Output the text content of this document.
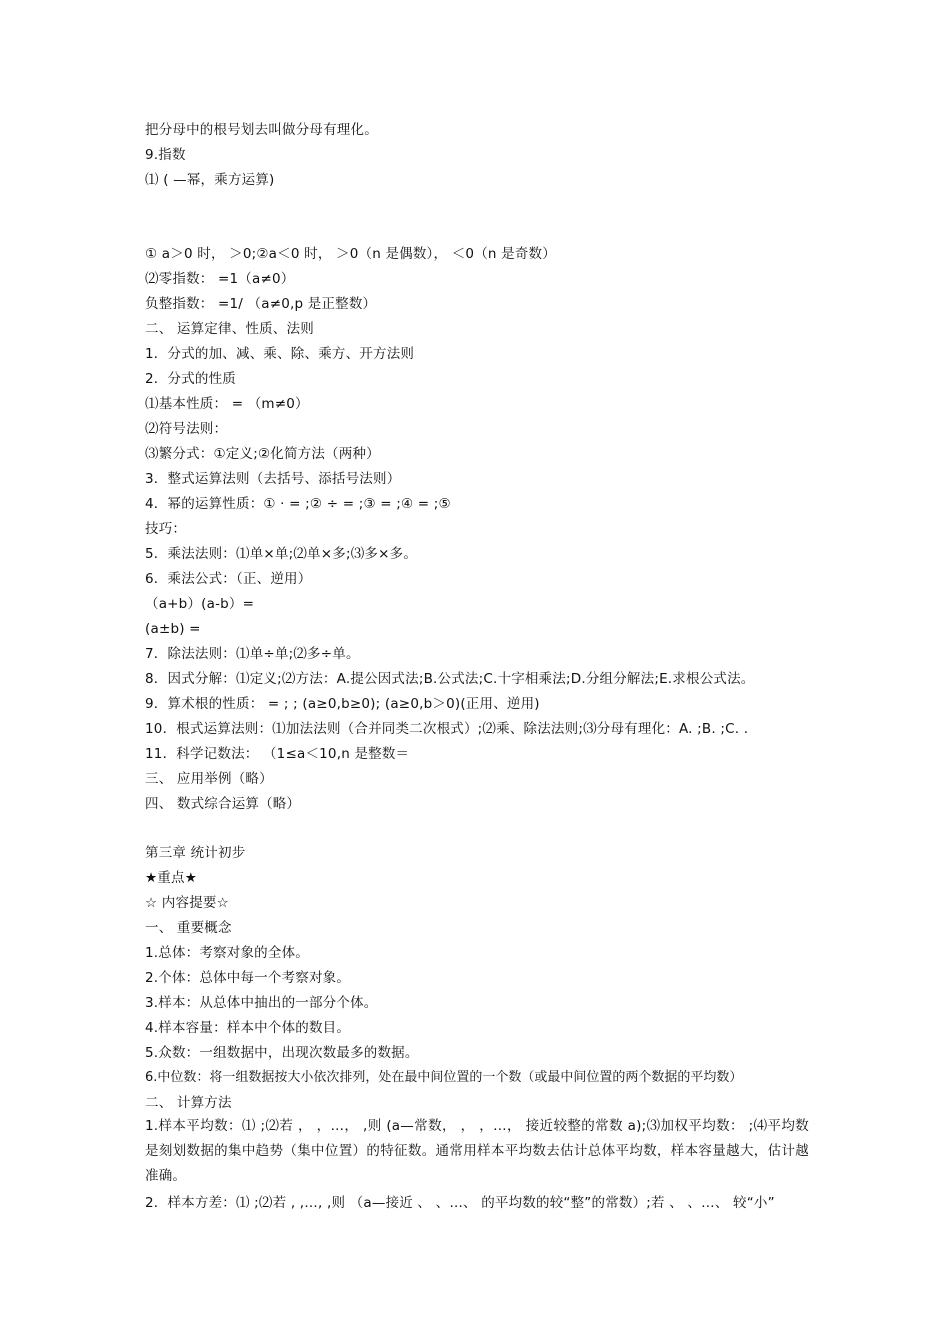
把分母中的根号划去叫做分母有理化。
9.指数
⑴ ( —幂，乘方运算)
① a＞0 时， ＞0;②a＜0 时， ＞0（n 是偶数）， ＜0（n 是奇数）
⑵零指数： =1（a≠0）
负整指数： =1/ （a≠0,p 是正整数）
二、 运算定律、性质、法则
1．分式的加、减、乘、除、乘方、开方法则
2．分式的性质
⑴基本性质： = （m≠0）
⑵符号法则：
⑶繁分式：①定义;②化简方法（两种）
3．整式运算法则（去括号、添括号法则）
4．幂的运算性质：① · = ;② ÷ = ;③ = ;④ = ;⑤
技巧：
5．乘法法则：⑴单×单;⑵单×多;⑶多×多。
6．乘法公式：（正、逆用）
（a+b）(a-b）=
(a±b) =
7．除法法则：⑴单÷单;⑵多÷单。
8．因式分解：⑴定义;⑵方法：A.提公因式法;B.公式法;C.十字相乘法;D.分组分解法;E.求根公式法。
9．算术根的性质： = ; ; (a≥0,b≥0); (a≥0,b＞0)(正用、逆用)
10．根式运算法则：⑴加法法则（合并同类二次根式）;⑵乘、除法法则;⑶分母有理化：A. ;B. ;C. .
11．科学记数法： （1≤a＜10,n 是整数＝
三、 应用举例（略）
四、 数式综合运算（略）
第三章 统计初步
★重点★
☆ 内容提要☆
一、 重要概念
1.总体：考察对象的全体。
2.个体：总体中每一个考察对象。
3.样本：从总体中抽出的一部分个体。
4.样本容量：样本中个体的数目。
5.众数：一组数据中，出现次数最多的数据。
6.中位数：将一组数据按大小依次排列，处在最中间位置的一个数（或最中间位置的两个数据的平均数）
二、 计算方法
1.样本平均数：⑴ ;⑵若 ， ，…， ,则 (a—常数， ， ，…， 接近较整的常数 a);⑶加权平均数： ;⑷平均数是刻划数据的集中趋势（集中位置）的特征数。通常用样本平均数去估计总体平均数，样本容量越大，估计越准确。
2．样本方差：⑴ ;⑵若 , ,…, ,则 （a—接近 、 、…、 的平均数的较“整”的常数）;若 、 、…、 较“小”
